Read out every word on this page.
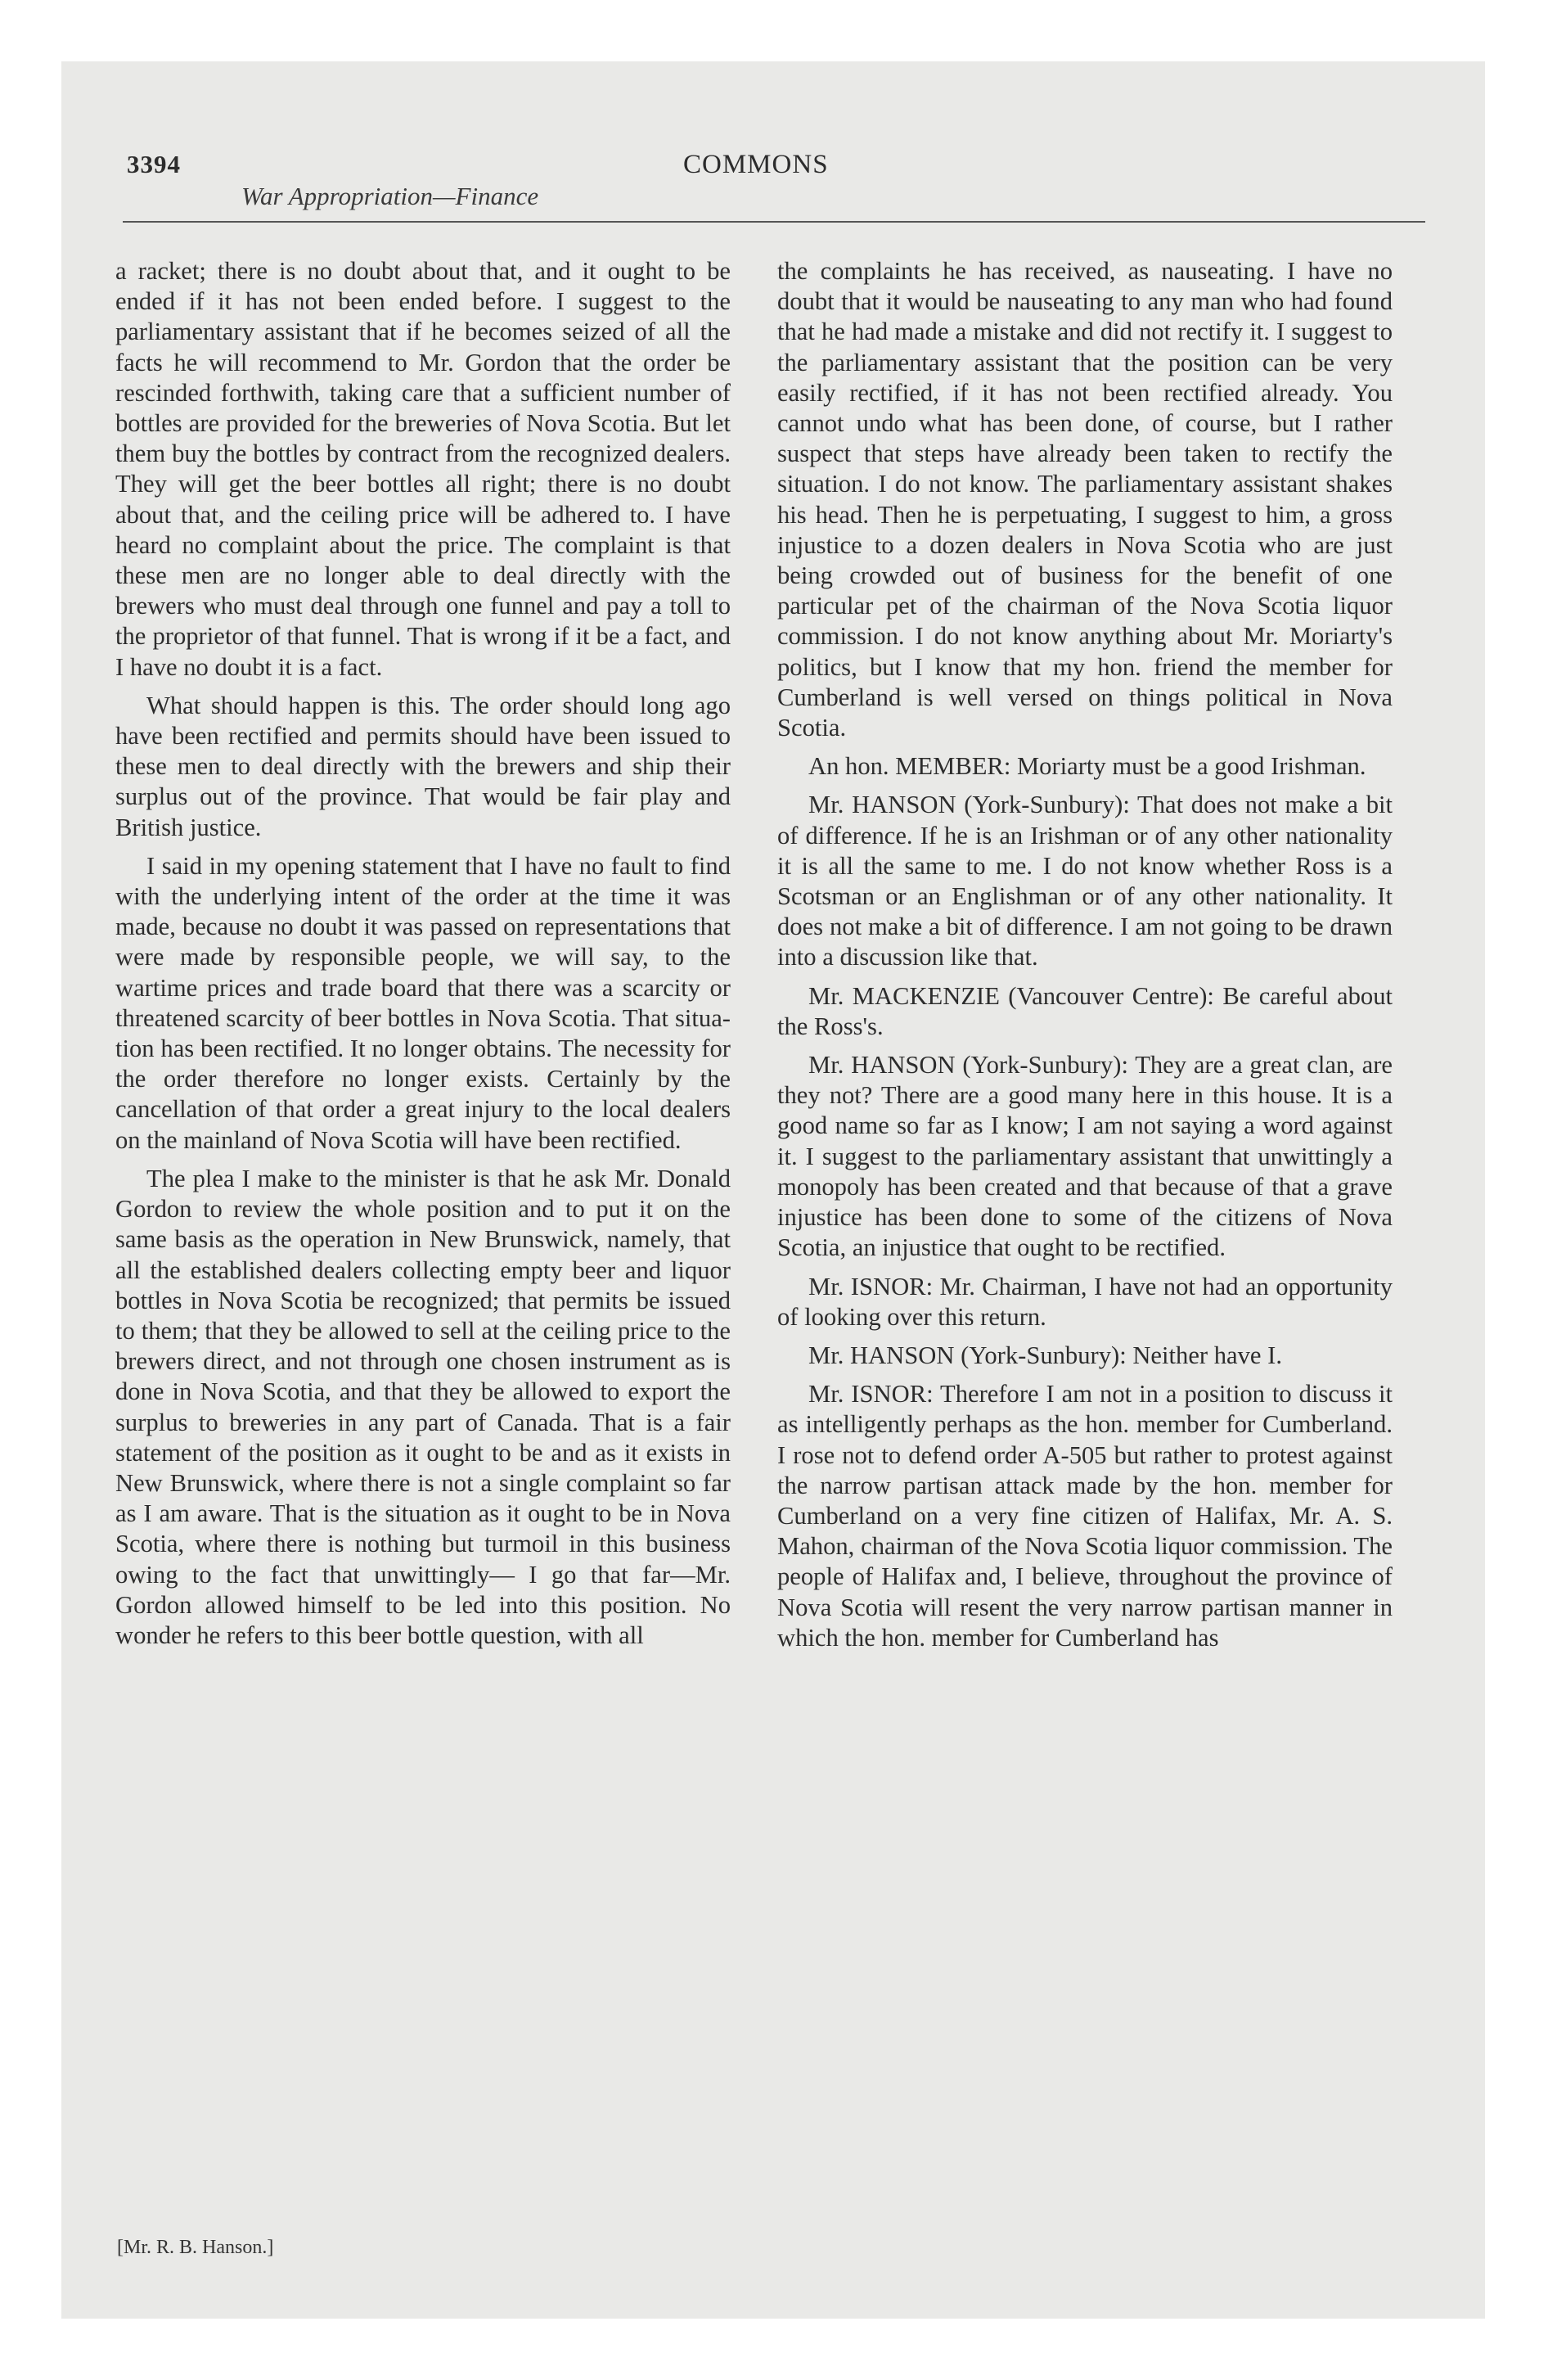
3394
War Appropriation—Finance
COMMONS

a racket; there is no doubt about that, and it ought to be ended if it has not been ended before. I suggest to the parliamentary assistant that if he becomes seized of all the facts he will recommend to Mr. Gordon that the order be rescinded forthwith, taking care that a sufficient number of bottles are provided for the breweries of Nova Scotia. But let them buy the bottles by contract from the recognized dealers. They will get the beer bottles all right; there is no doubt about that, and the ceiling price will be adhered to. I have heard no complaint about the price. The complaint is that these men are no longer able to deal directly with the brewers who must deal through one funnel and pay a toll to the proprietor of that funnel. That is wrong if it be a fact, and I have no doubt it is a fact.

What should happen is this. The order should long ago have been rectified and permits should have been issued to these men to deal directly with the brewers and ship their surplus out of the province. That would be fair play and British justice.

I said in my opening statement that I have no fault to find with the underlying intent of the order at the time it was made, because no doubt it was passed on representations that were made by responsible people, we will say, to the wartime prices and trade board that there was a scarcity or threatened scarcity of beer bottles in Nova Scotia. That situation has been rectified. It no longer obtains. The necessity for the order therefore no longer exists. Certainly by the cancellation of that order a great injury to the local dealers on the mainland of Nova Scotia will have been rectified.

The plea I make to the minister is that he ask Mr. Donald Gordon to review the whole position and to put it on the same basis as the operation in New Brunswick, namely, that all the established dealers collecting empty beer and liquor bottles in Nova Scotia be recognized; that permits be issued to them; that they be allowed to sell at the ceiling price to the brewers direct, and not through one chosen instrument as is done in Nova Scotia, and that they be allowed to export the surplus to breweries in any part of Canada. That is a fair statement of the position as it ought to be and as it exists in New Brunswick, where there is not a single complaint so far as I am aware. That is the situation as it ought to be in Nova Scotia, where there is nothing but turmoil in this business owing to the fact that unwittingly— I go that far—Mr. Gordon allowed himself to be led into this position. No wonder he refers to this beer bottle question, with all

the complaints he has received, as nauseating. I have no doubt that it would be nauseating to any man who had found that he had made a mistake and did not rectify it. I suggest to the parliamentary assistant that the position can be very easily rectified, if it has not been rectified already. You cannot undo what has been done, of course, but I rather suspect that steps have already been taken to rectify the situation. I do not know. The parliamentary assistant shakes his head. Then he is perpetuating, I suggest to him, a gross injustice to a dozen dealers in Nova Scotia who are just being crowded out of business for the benefit of one particular pet of the chairman of the Nova Scotia liquor commission. I do not know anything about Mr. Moriarty's politics, but I know that my hon. friend the member for Cumberland is well versed on things political in Nova Scotia.

An hon. MEMBER: Moriarty must be a good Irishman.

Mr. HANSON (York-Sunbury): That does not make a bit of difference. If he is an Irishman or of any other nationality it is all the same to me. I do not know whether Ross is a Scotsman or an Englishman or of any other nationality. It does not make a bit of difference. I am not going to be drawn into a discussion like that.

Mr. MACKENZIE (Vancouver Centre): Be careful about the Ross's.

Mr. HANSON (York-Sunbury): They are a great clan, are they not? There are a good many here in this house. It is a good name so far as I know; I am not saying a word against it. I suggest to the parliamentary assistant that unwittingly a monopoly has been created and that because of that a grave injustice has been done to some of the citizens of Nova Scotia, an injustice that ought to be rectified.

Mr. ISNOR: Mr. Chairman, I have not had an opportunity of looking over this return.

Mr. HANSON (York-Sunbury): Neither have I.

Mr. ISNOR: Therefore I am not in a position to discuss it as intelligently perhaps as the hon. member for Cumberland. I rose not to defend order A-505 but rather to protest against the narrow partisan attack made by the hon. member for Cumberland on a very fine citizen of Halifax, Mr. A. S. Mahon, chairman of the Nova Scotia liquor commission. The people of Halifax and, I believe, throughout the province of Nova Scotia will resent the very narrow partisan manner in which the hon. member for Cumberland has

[Mr. R. B. Hanson.]
